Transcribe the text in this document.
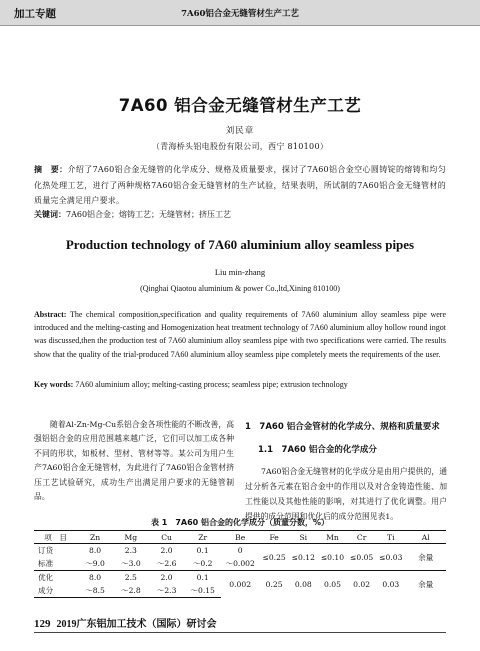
加工专题	7A60铝合金无缝管材生产工艺
7A60 铝合金无缝管材生产工艺
刘民章
（青海桥头铝电股份有限公司，西宁 810100）
摘　要：介绍了7A60铝合金无缝管的化学成分、规格及质量要求，探讨了7A60铝合金空心圆铸锭的熔铸和均匀化热处理工艺，进行了两种规格7A60铝合金无缝管材的生产试验，结果表明，所试制的7A60铝合金无缝管材的质量完全满足用户要求。
关键词：7A60铝合金；熔铸工艺；无缝管材；挤压工艺
Production technology of 7A60 aluminium alloy seamless pipes
Liu min-zhang
(Qinghai Qiaotou aluminium & power Co.,ltd,Xining 810100)
Abstract: The chemical composition,specification and quality requirements of 7A60 aluminium alloy seamless pipe were introduced and the melting-casting and Homogenization heat treatment technology of 7A60 aluminium alloy hollow round ingot was discussed,then the production test of 7A60 aluminium alloy seamless pipe with two specifications were carried. The results show that the quality of the trial-produced 7A60 aluminium alloy seamless pipe completely meets the requirements of the user.
Key words: 7A60 aluminium alloy; melting-casting process; seamless pipe; extrusion technology

随着Al-Zn-Mg-Cu系铝合金各项性能的不断改善，高强铝铝合金的应用范围越来越广泛，它们可以加工成各种不同的形状，如板材、型材、管材等等。某公司为用户生产7A60铝合金无缝管材，为此进行了7A60铝合金管材挤压工艺试验研究，成功生产出满足用户要求的无缝管制品。

1　7A60 铝合金管材的化学成分、规格和质量要求
1.1　7A60 铝合金的化学成分

7A60铝合金无缝管材的化学成分是由用户提供的，通过分析各元素在铝合金中的作用以及对合金铸造性能、加工性能以及其他性能的影响，对其进行了优化调整。用户提供的成分范围和优化后的成分范围见表1。

表 1　7A60 铝合金的化学成分（质量分数，%）
项　目	Zn	Mg	Cu	Zr	Be	Fe	Si	Mn	Cr	Ti	Al
订货	8.0	2.3	2.0	0.1	0	≤0.25	≤0.12	≤0.10	≤0.05	≤0.03	余量
标准	～9.0	～3.0	～2.6	～0.2	～0.002						
优化	8.0	2.5	2.0	0.1	0.002	0.25	0.08	0.05	0.02	0.03	余量
成分	～8.5	～2.8	～2.3	～0.15							
129 2019广东铝加工技术（国际）研讨会
